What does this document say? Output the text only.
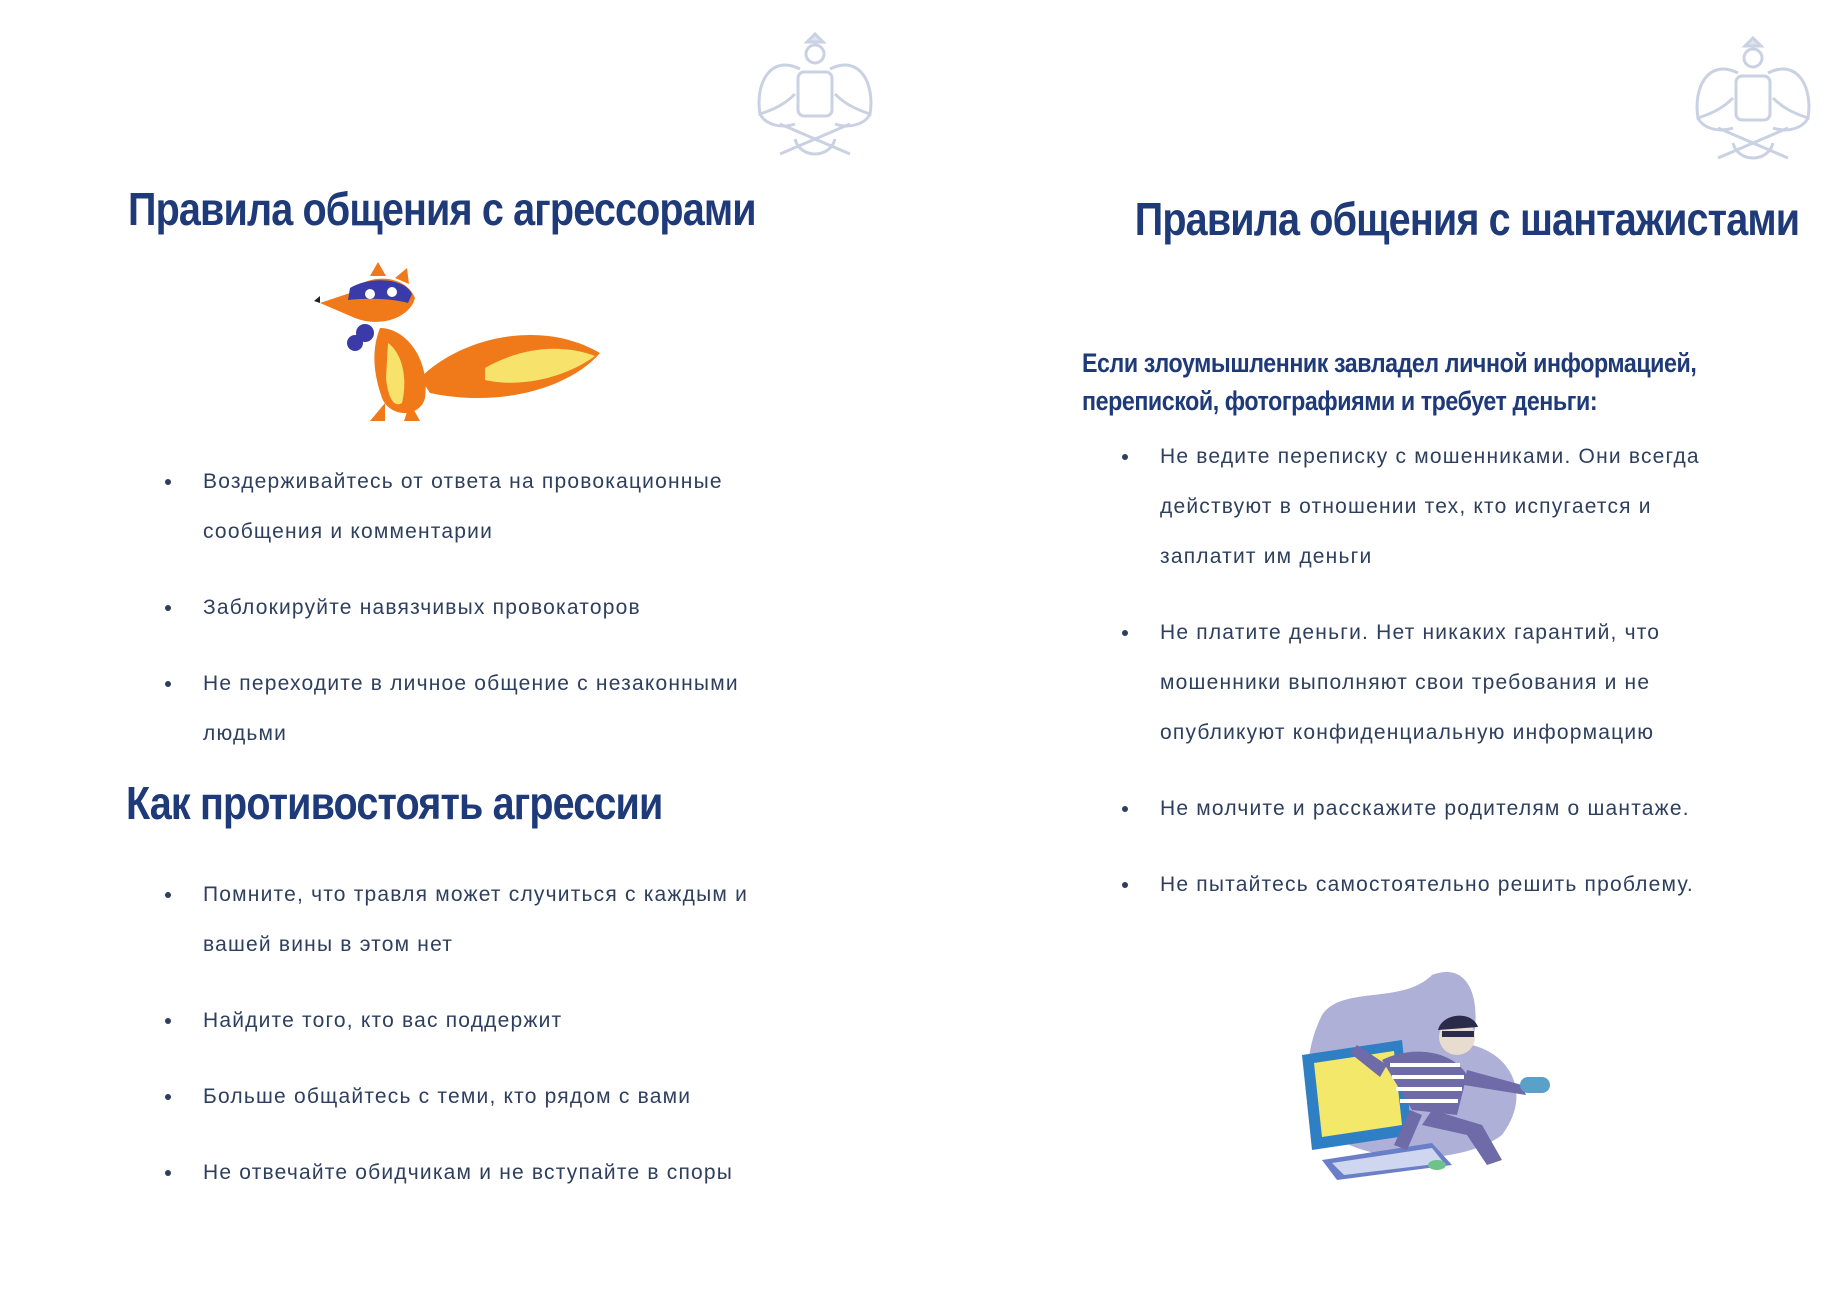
Правила общения с агрессорами
Воздерживайтесь от ответа на провокационные сообщения и комментарии
Заблокируйте навязчивых провокаторов
Не переходите в личное общение с незаконными людьми
Как противостоять агрессии
Помните, что травля может случиться с каждым и вашей вины в этом нет
Найдите того, кто вас поддержит
Больше общайтесь с теми, кто рядом с вами
Не отвечайте обидчикам и не вступайте в споры
Правила общения с шантажистами

Если злоумышленник завладел личной информацией, перепиской, фотографиями и требует деньги:

Не ведите переписку с мошенниками. Они всегда действуют в отношении тех, кто испугается и заплатит им деньги
Не платите деньги. Нет никаких гарантий, что мошенники выполняют свои требования и не опубликуют конфиденциальную информацию
Не молчите и расскажите родителям о шантаже.
Не пытайтесь самостоятельно решить проблему.
